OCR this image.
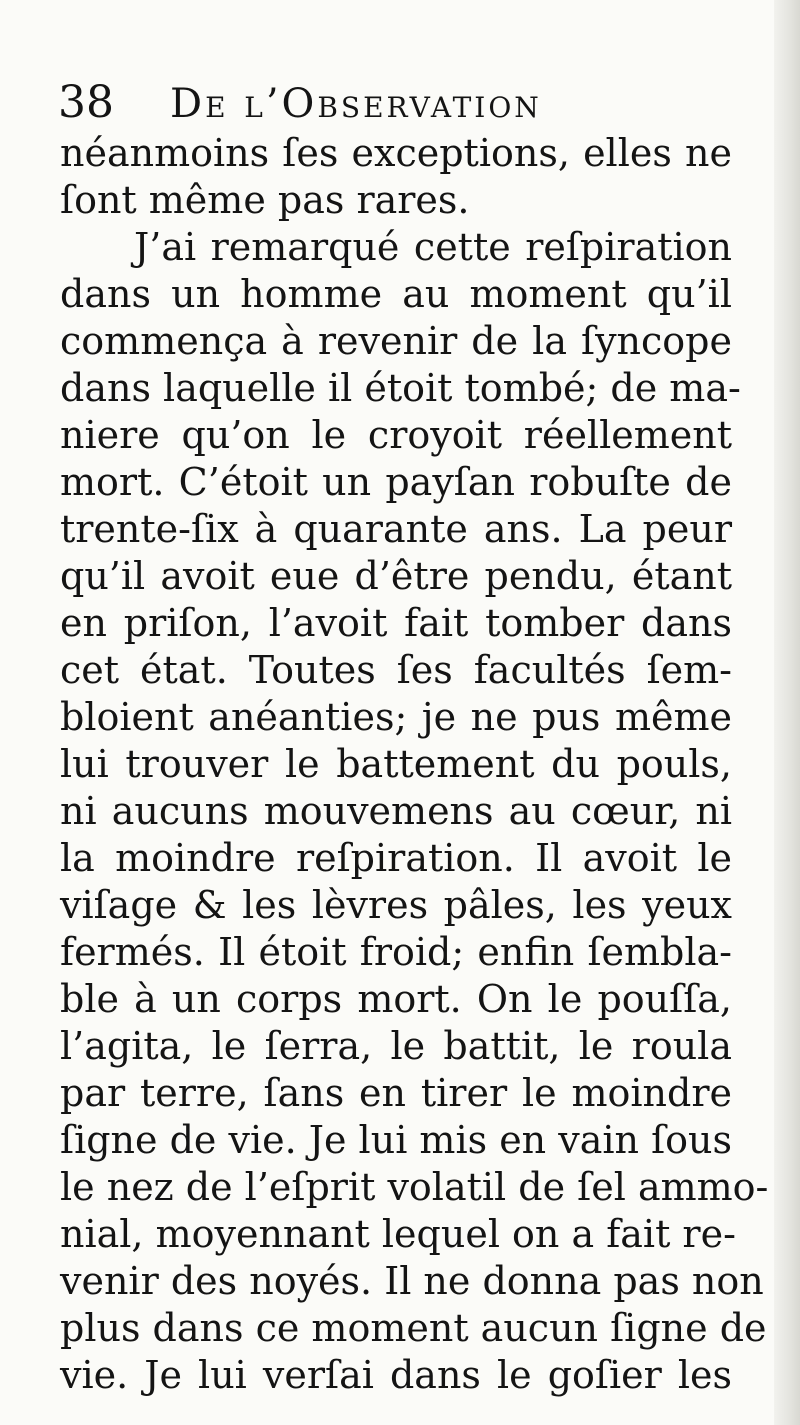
38 De l’Observation
néanmoins ſes exceptions, elles ne
ſont même pas rares.
J’ai remarqué cette reſpiration
dans un homme au moment qu’il
commença à revenir de la ſyncope
dans laquelle il étoit tombé; de ma-
niere qu’on le croyoit réellement
mort. C’étoit un payſan robuſte de
trente-ſix à quarante ans. La peur
qu’il avoit eue d’être pendu, étant
en priſon, l’avoit fait tomber dans
cet état. Toutes ſes facultés ſem-
bloient anéanties; je ne pus même
lui trouver le battement du pouls,
ni aucuns mouvemens au cœur, ni
la moindre reſpiration. Il avoit le
viſage & les lèvres pâles, les yeux
fermés. Il étoit froid; enfin ſembla-
ble à un corps mort. On le pouſſa,
l’agita, le ſerra, le battit, le roula
par terre, ſans en tirer le moindre
ſigne de vie. Je lui mis en vain ſous
le nez de l’eſprit volatil de ſel ammo-
nial, moyennant lequel on a fait re-
venir des noyés. Il ne donna pas non
plus dans ce moment aucun ſigne de
vie. Je lui verſai dans le goſier les
